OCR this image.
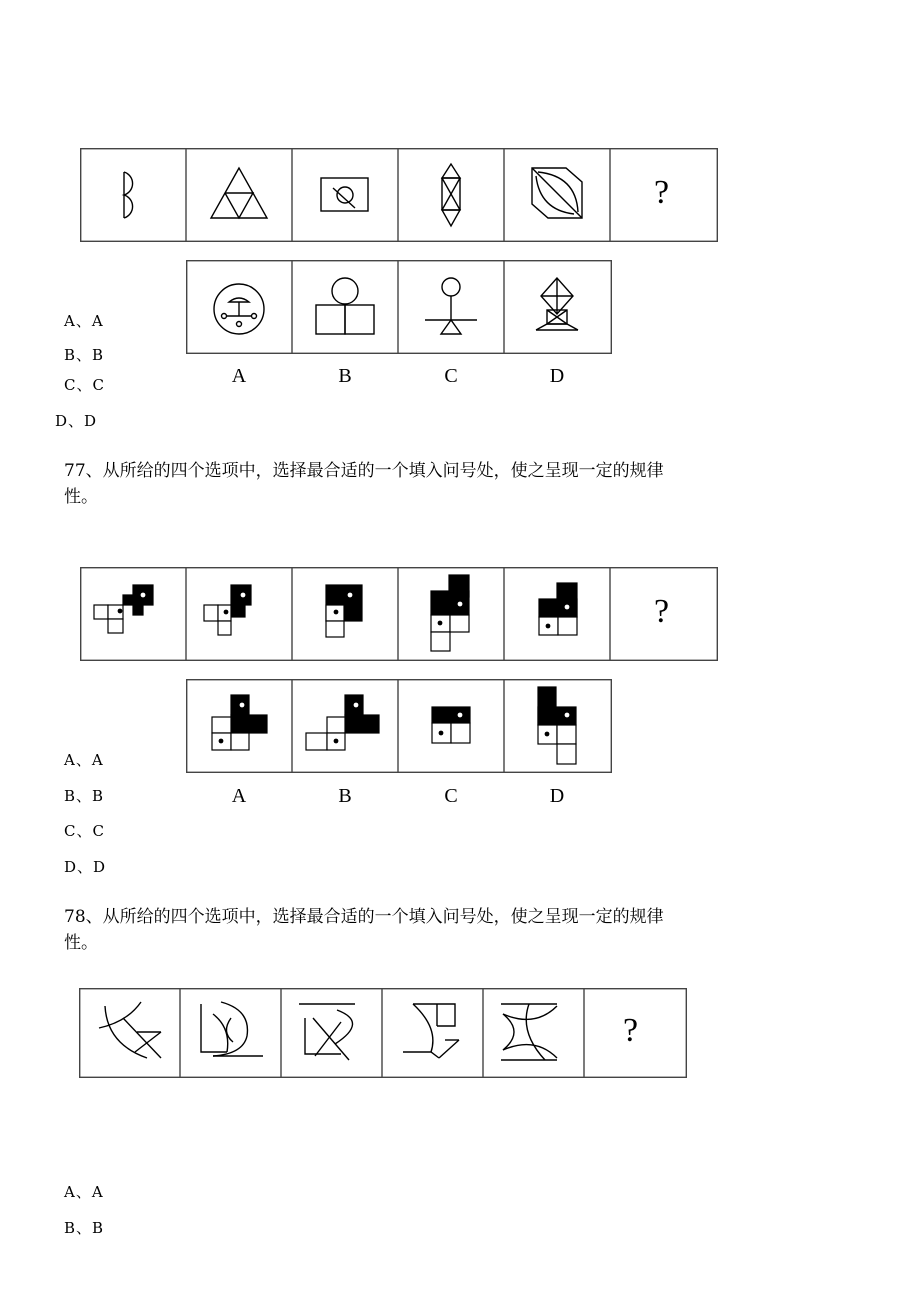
?
A	B	C	D
A、A
B、B
C、C
D、D
77、从所给的四个选项中，选择最合适的一个填入问号处，使之呈现一定的规律
性。
?
A	B	C	D
A、A
B、B
C、C
D、D
78、从所给的四个选项中，选择最合适的一个填入问号处，使之呈现一定的规律
性。
?
A、A
B、B
